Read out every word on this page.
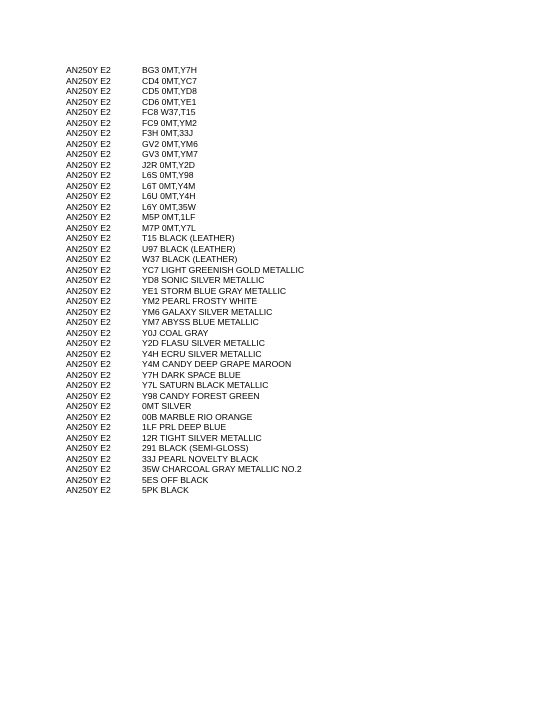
AN250Y E2	BG3 0MT,Y7H
AN250Y E2	CD4 0MT,YC7
AN250Y E2	CD5 0MT,YD8
AN250Y E2	CD6 0MT,YE1
AN250Y E2	FC8 W37,T15
AN250Y E2	FC9 0MT,YM2
AN250Y E2	F3H 0MT,33J
AN250Y E2	GV2 0MT,YM6
AN250Y E2	GV3 0MT,YM7
AN250Y E2	J2R 0MT,Y2D
AN250Y E2	L6S 0MT,Y98
AN250Y E2	L6T 0MT,Y4M
AN250Y E2	L6U 0MT,Y4H
AN250Y E2	L6Y 0MT,35W
AN250Y E2	M5P 0MT,1LF
AN250Y E2	M7P 0MT,Y7L
AN250Y E2	T15 BLACK (LEATHER)
AN250Y E2	U97 BLACK (LEATHER)
AN250Y E2	W37 BLACK (LEATHER)
AN250Y E2	YC7 LIGHT GREENISH GOLD METALLIC
AN250Y E2	YD8 SONIC SILVER METALLIC
AN250Y E2	YE1 STORM BLUE GRAY METALLIC
AN250Y E2	YM2 PEARL FROSTY WHITE
AN250Y E2	YM6 GALAXY SILVER METALLIC
AN250Y E2	YM7 ABYSS BLUE METALLIC
AN250Y E2	Y0J COAL GRAY
AN250Y E2	Y2D FLASU SILVER METALLIC
AN250Y E2	Y4H ECRU SILVER METALLIC
AN250Y E2	Y4M CANDY DEEP GRAPE MAROON
AN250Y E2	Y7H DARK SPACE BLUE
AN250Y E2	Y7L SATURN BLACK METALLIC
AN250Y E2	Y98 CANDY FOREST GREEN
AN250Y E2	0MT SILVER
AN250Y E2	00B MARBLE RIO ORANGE
AN250Y E2	1LF PRL DEEP BLUE
AN250Y E2	12R TIGHT SILVER METALLIC
AN250Y E2	291 BLACK (SEMI-GLOSS)
AN250Y E2	33J PEARL NOVELTY BLACK
AN250Y E2	35W CHARCOAL GRAY METALLIC NO.2
AN250Y E2	5ES OFF BLACK
AN250Y E2	5PK BLACK
